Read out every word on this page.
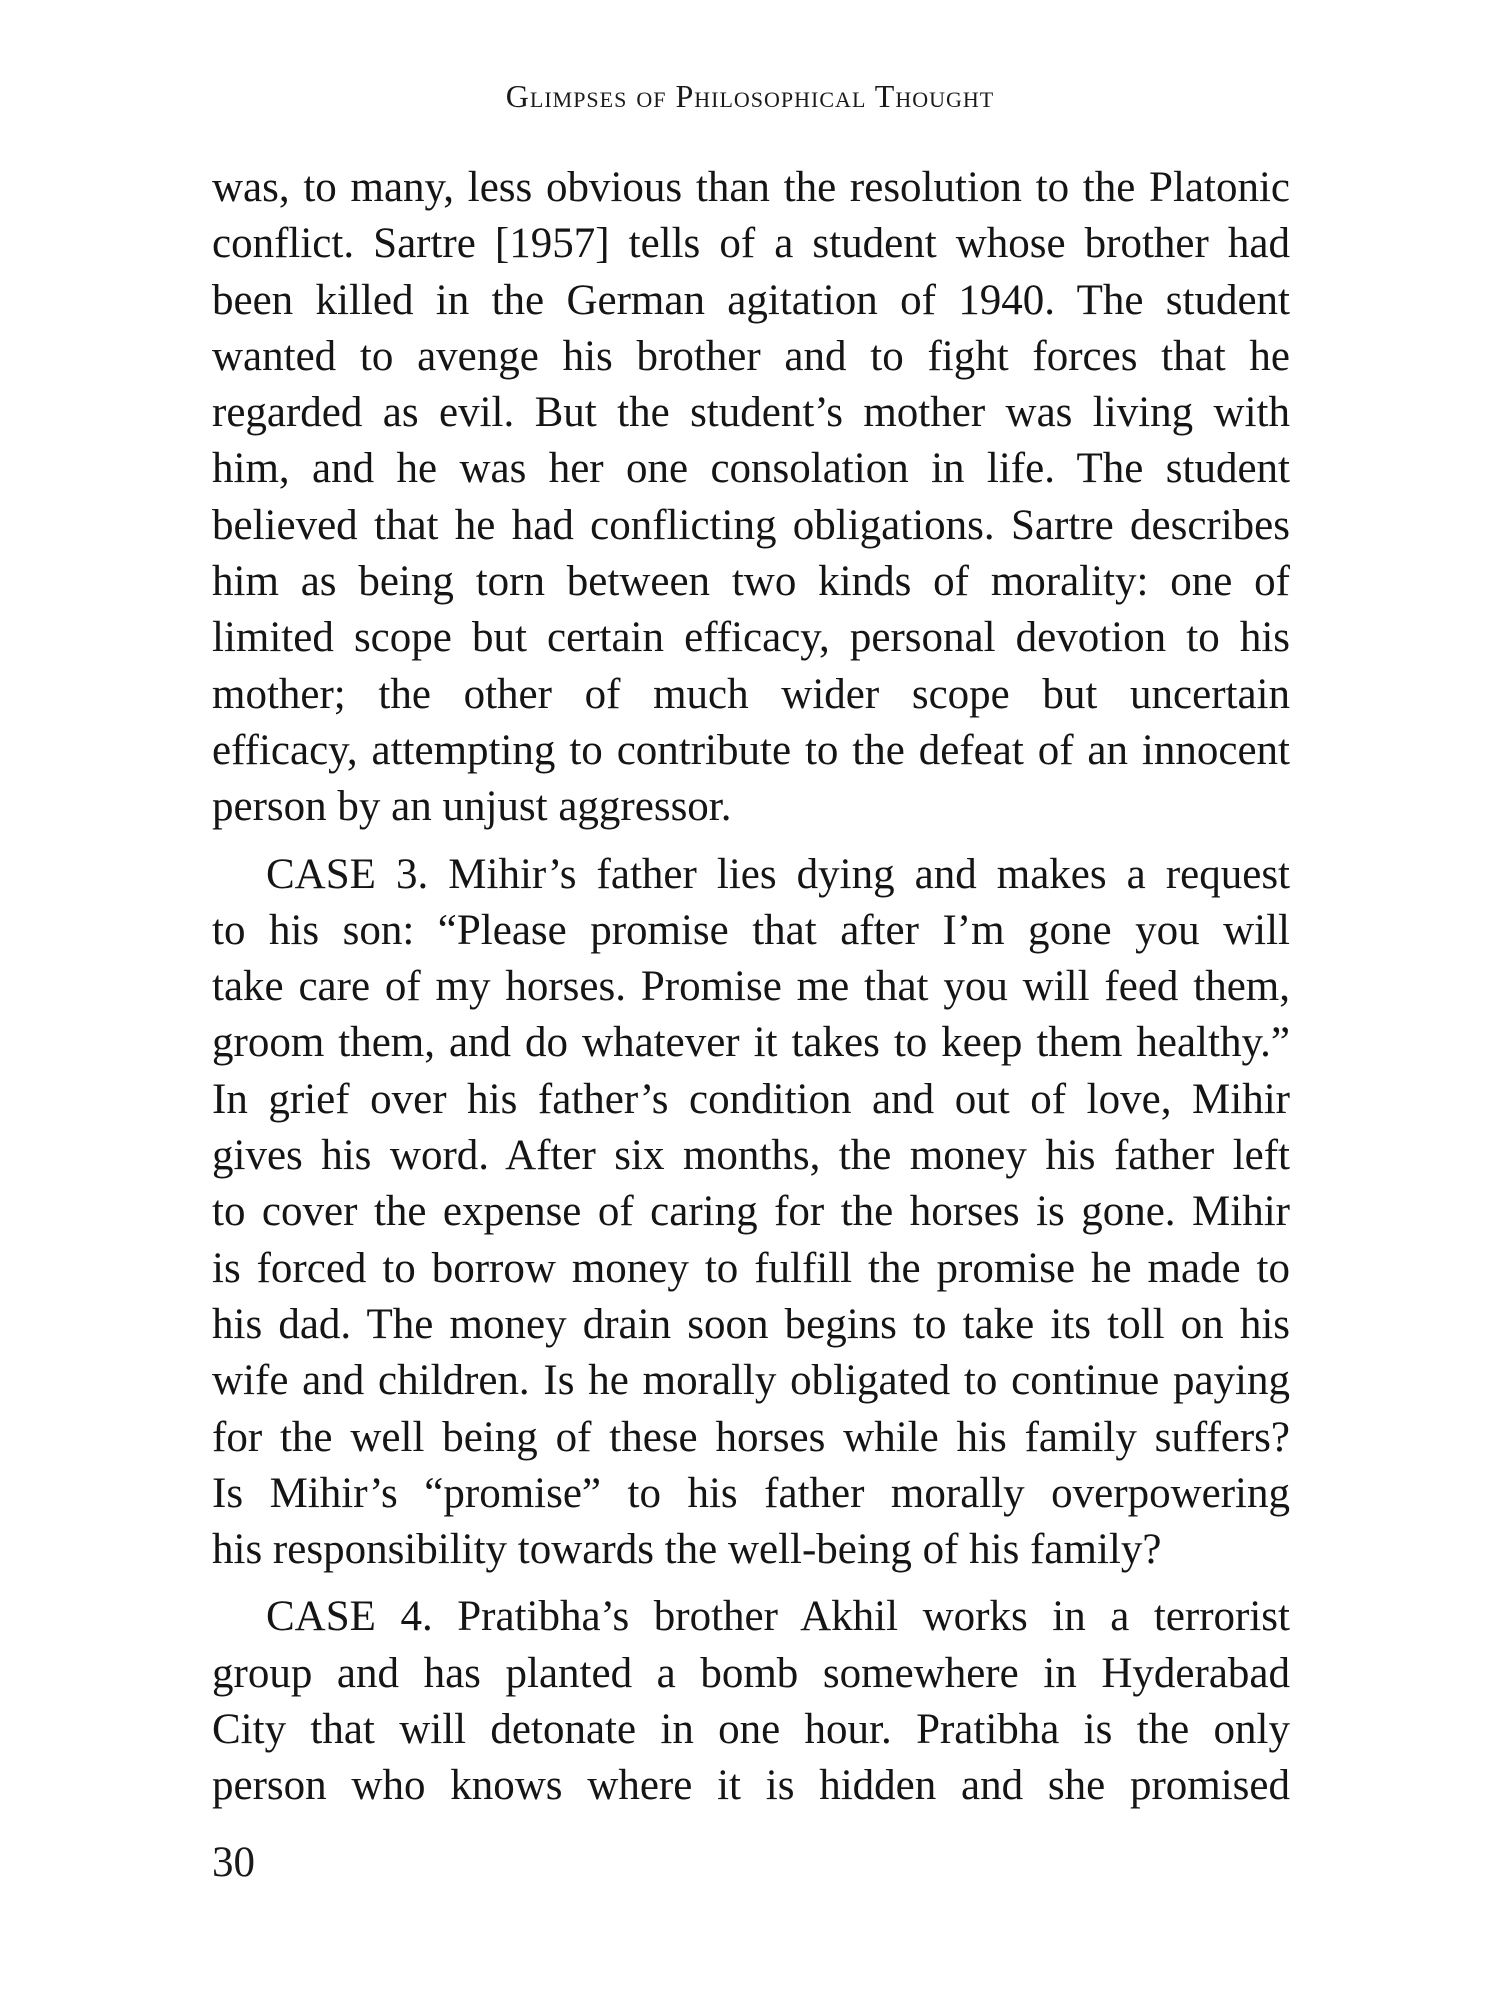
Glimpses of Philosophical Thought
was, to many, less obvious than the resolution to the Platonic
conflict. Sartre [1957] tells of a student whose brother had
been killed in the German agitation of 1940. The student
wanted to avenge his brother and to fight forces that he
regarded as evil. But the student’s mother was living with
him, and he was her one consolation in life. The student
believed that he had conflicting obligations. Sartre describes
him as being torn between two kinds of morality: one of
limited scope but certain efficacy, personal devotion to his
mother; the other of much wider scope but uncertain
efficacy, attempting to contribute to the defeat of an innocent
person by an unjust aggressor.
CASE 3. Mihir’s father lies dying and makes a request
to his son: “Please promise that after I’m gone you will
take care of my horses. Promise me that you will feed them,
groom them, and do whatever it takes to keep them healthy.”
In grief over his father’s condition and out of love, Mihir
gives his word. After six months, the money his father left
to cover the expense of caring for the horses is gone. Mihir
is forced to borrow money to fulfill the promise he made to
his dad. The money drain soon begins to take its toll on his
wife and children. Is he morally obligated to continue paying
for the well being of these horses while his family suffers?
Is Mihir’s “promise” to his father morally overpowering
his responsibility towards the well-being of his family?
CASE 4. Pratibha’s brother Akhil works in a terrorist
group and has planted a bomb somewhere in Hyderabad
City that will detonate in one hour. Pratibha is the only
person who knows where it is hidden and she promised
30
